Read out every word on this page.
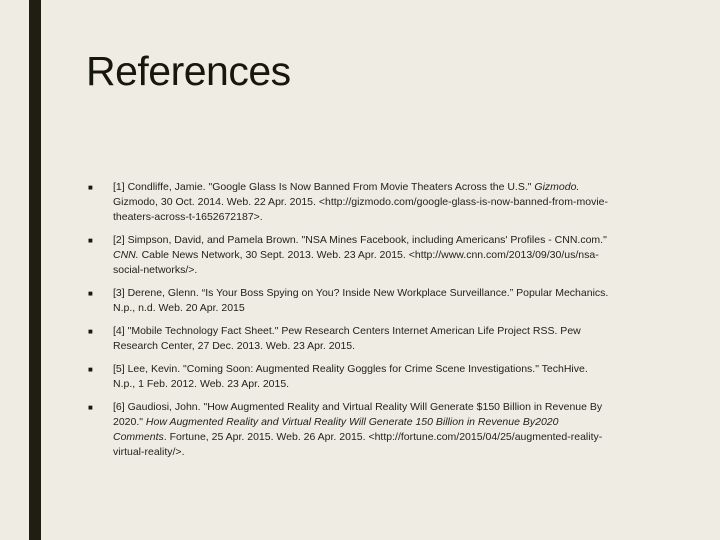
References
■	[1] Condliffe, Jamie. "Google Glass Is Now Banned From Movie Theaters Across the U.S." Gizmodo. Gizmodo, 30 Oct. 2014. Web. 22 Apr. 2015. <http://gizmodo.com/google-glass-is-now-banned-from-movie-theaters-across-t-1652672187>.
■	[2] Simpson, David, and Pamela Brown. "NSA Mines Facebook, including Americans' Profiles - CNN.com." CNN. Cable News Network, 30 Sept. 2013. Web. 23 Apr. 2015. <http://www.cnn.com/2013/09/30/us/nsa-social-networks/>.
■	[3] Derene, Glenn. “Is Your Boss Spying on You? Inside New Workplace Surveillance.” Popular Mechanics. N.p., n.d. Web. 20 Apr. 2015
■	[4] "Mobile Technology Fact Sheet." Pew Research Centers Internet American Life Project RSS. Pew Research Center, 27 Dec. 2013. Web. 23 Apr. 2015.
■	[5] Lee, Kevin. "Coming Soon: Augmented Reality Goggles for Crime Scene Investigations." TechHive. N.p., 1 Feb. 2012. Web. 23 Apr. 2015.
■	[6] Gaudiosi, John. "How Augmented Reality and Virtual Reality Will Generate $150 Billion in Revenue By 2020." How Augmented Reality and Virtual Reality Will Generate 150 Billion in Revenue By2020 Comments. Fortune, 25 Apr. 2015. Web. 26 Apr. 2015. <http://fortune.com/2015/04/25/augmented-reality-virtual-reality/>.
